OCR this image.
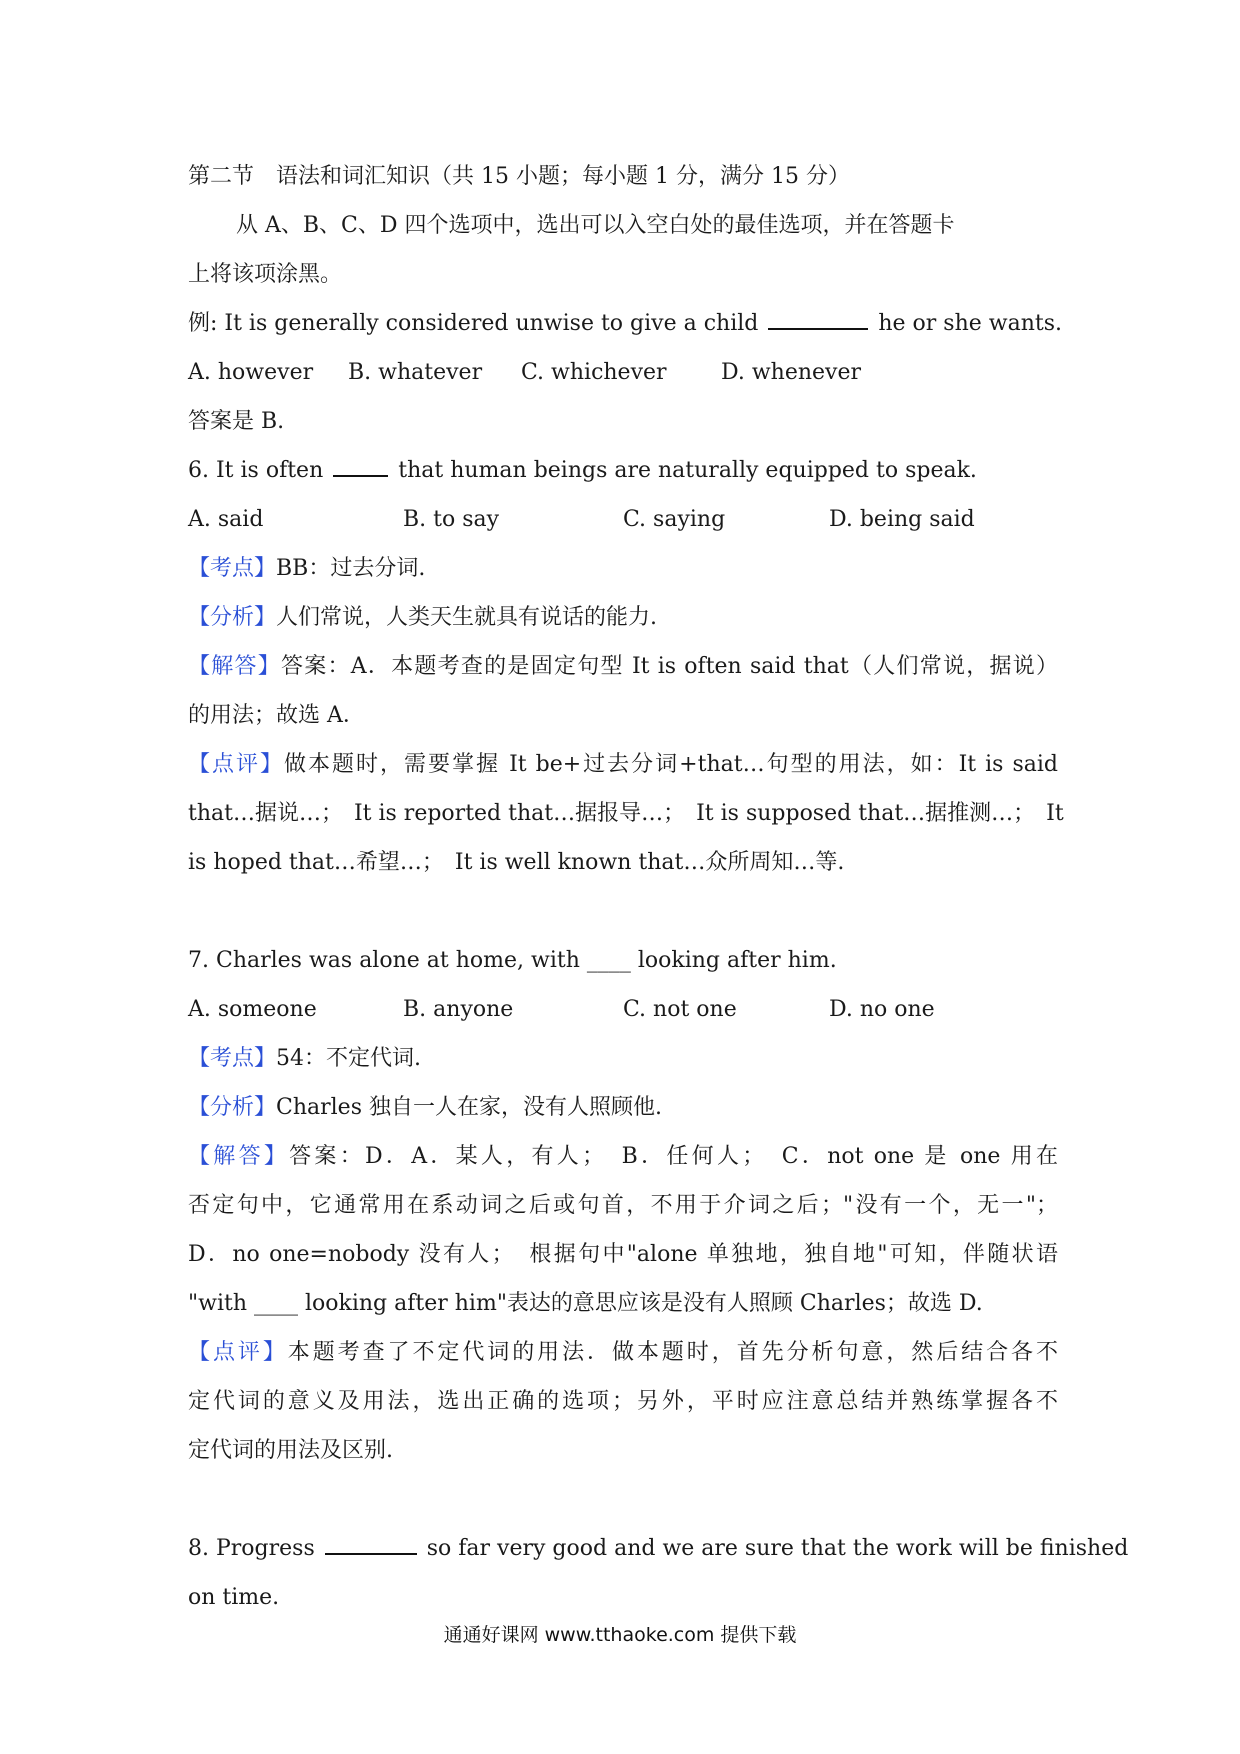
第二节　语法和词汇知识（共 15 小题；每小题 1 分，满分 15 分）
从 A、B、C、D 四个选项中，选出可以入空白处的最佳选项，并在答题卡
上将该项涂黑。
例: It is generally considered unwise to give a child	he or she wants.
A. however	B. whatever	C. whichever	D. whenever
答案是 B.
6. It is often	that human beings are naturally equipped to speak.
A. said	B. to say	C. saying	D. being said
【考点】BB：过去分词.
【分析】人们常说，人类天生就具有说话的能力.
【解答】答案：A．本题考查的是固定句型 It is often said that（人们常说，据说）
的用法；故选 A．
【点评】做本题时，需要掌握 It be+过去分词+that…句型的用法，如：It is said
that…据说…；　It is reported that…据报导…；　It is supposed that…据推测…；　It
is hoped that…希望…；　It is well known that…众所周知…等.
7. Charles was alone at home, with ____ looking after him.
A. someone	B. anyone	C. not one	D. no one
【考点】54：不定代词.
【分析】Charles 独自一人在家，没有人照顾他.
【解答】答案：D．A．某人，有人；　B．任何人；　C．not one 是 one 用在
否定句中，它通常用在系动词之后或句首，不用于介词之后；"没有一个，无一"；
D．no one=nobody 没有人；　根据句中"alone 单独地，独自地"可知，伴随状语
"with ____ looking after him"表达的意思应该是没有人照顾 Charles；故选 D.
【点评】本题考查了不定代词的用法．做本题时，首先分析句意，然后结合各不
定代词的意义及用法，选出正确的选项；另外，平时应注意总结并熟练掌握各不
定代词的用法及区别.
8. Progress	so far very good and we are sure that the work will be finished
on time.
通通好课网 www.tthaoke.com 提供下载
